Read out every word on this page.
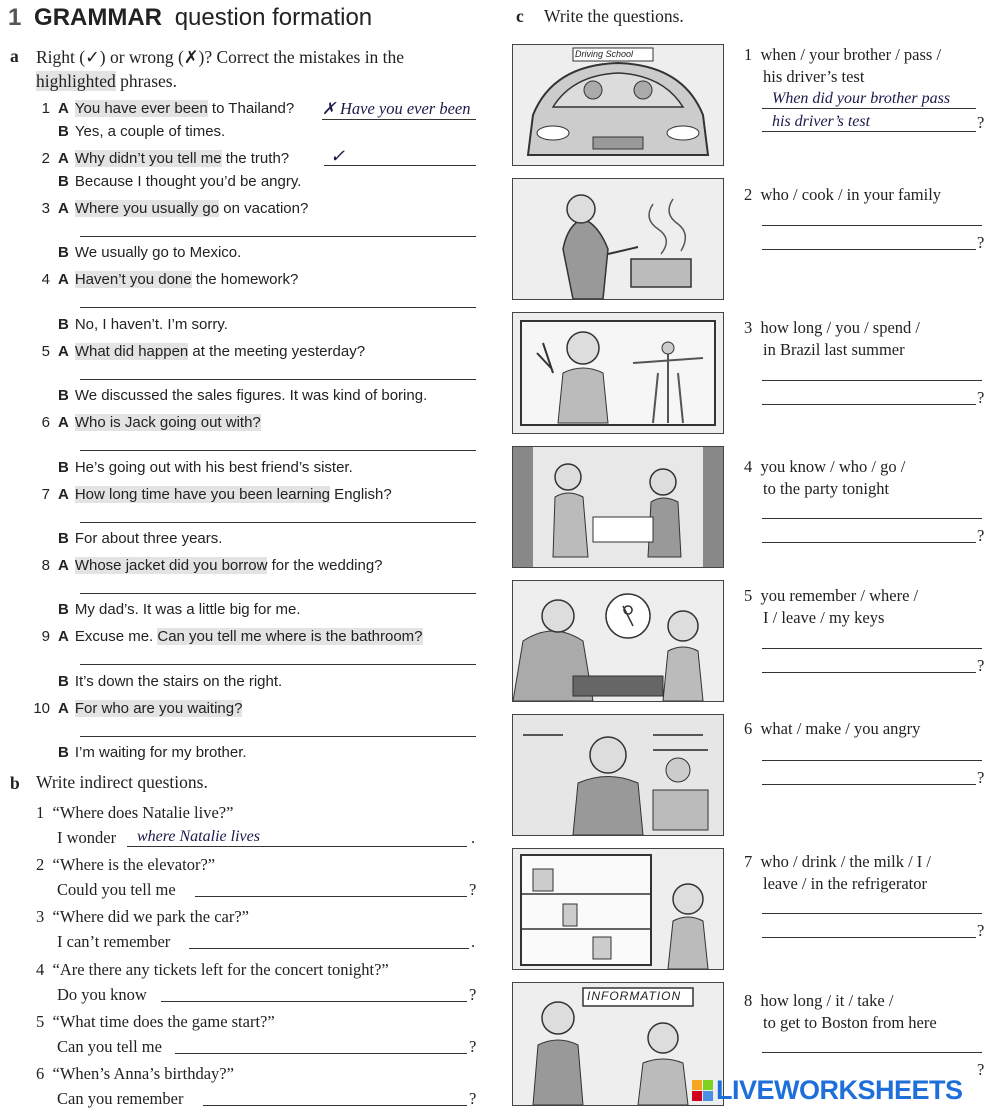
1 GRAMMAR question formation
a Right (✓) or wrong (✗)? Correct the mistakes in the
highlighted phrases.
1 A You have ever been to Thailand? ✗ Have you ever been
B Yes, a couple of times.
2 A Why didn’t you tell me the truth?	✓
B Because I thought you’d be angry.
3 A Where you usually go on vacation?
B We usually go to Mexico.
4 A Haven’t you done the homework?
B No, I haven’t. I’m sorry.
5 A What did happen at the meeting yesterday?
B We discussed the sales figures. It was kind of boring.
6 A Who is Jack going out with?
B He’s going out with his best friend’s sister.
7 A How long time have you been learning English?
B For about three years.
8 A Whose jacket did you borrow for the wedding?
B My dad’s. It was a little big for me.
9 A Excuse me. Can you tell me where is the bathroom?
B It’s down the stairs on the right.
10 A For who are you waiting?
B I’m waiting for my brother.
b Write indirect questions.
1 “Where does Natalie live?”
I wonder	where Natalie lives	.
2 “Where is the elevator?”
Could you tell me	?
3 “Where did we park the car?”
I can’t remember	.
4 “Are there any tickets left for the concert tonight?”
Do you know	?
5 “What time does the game start?”
Can you tell me	?
6 “When’s Anna’s birthday?”
Can you remember	?
c Write the questions.
Driving School
INFORMATION
1 when / your brother / pass /
his driver’s test
When did your brother pass
his driver’s test	?
2 who / cook / in your family
?
3 how long / you / spend /
in Brazil last summer
?
4 you know / who / go /
to the party tonight
?
5 you remember / where /
I / leave / my keys
?
6 what / make / you angry
?
7 who / drink / the milk / I /
leave / in the refrigerator
?
8 how long / it / take /
to get to Boston from here
?
LIVEWORKSHEETS
